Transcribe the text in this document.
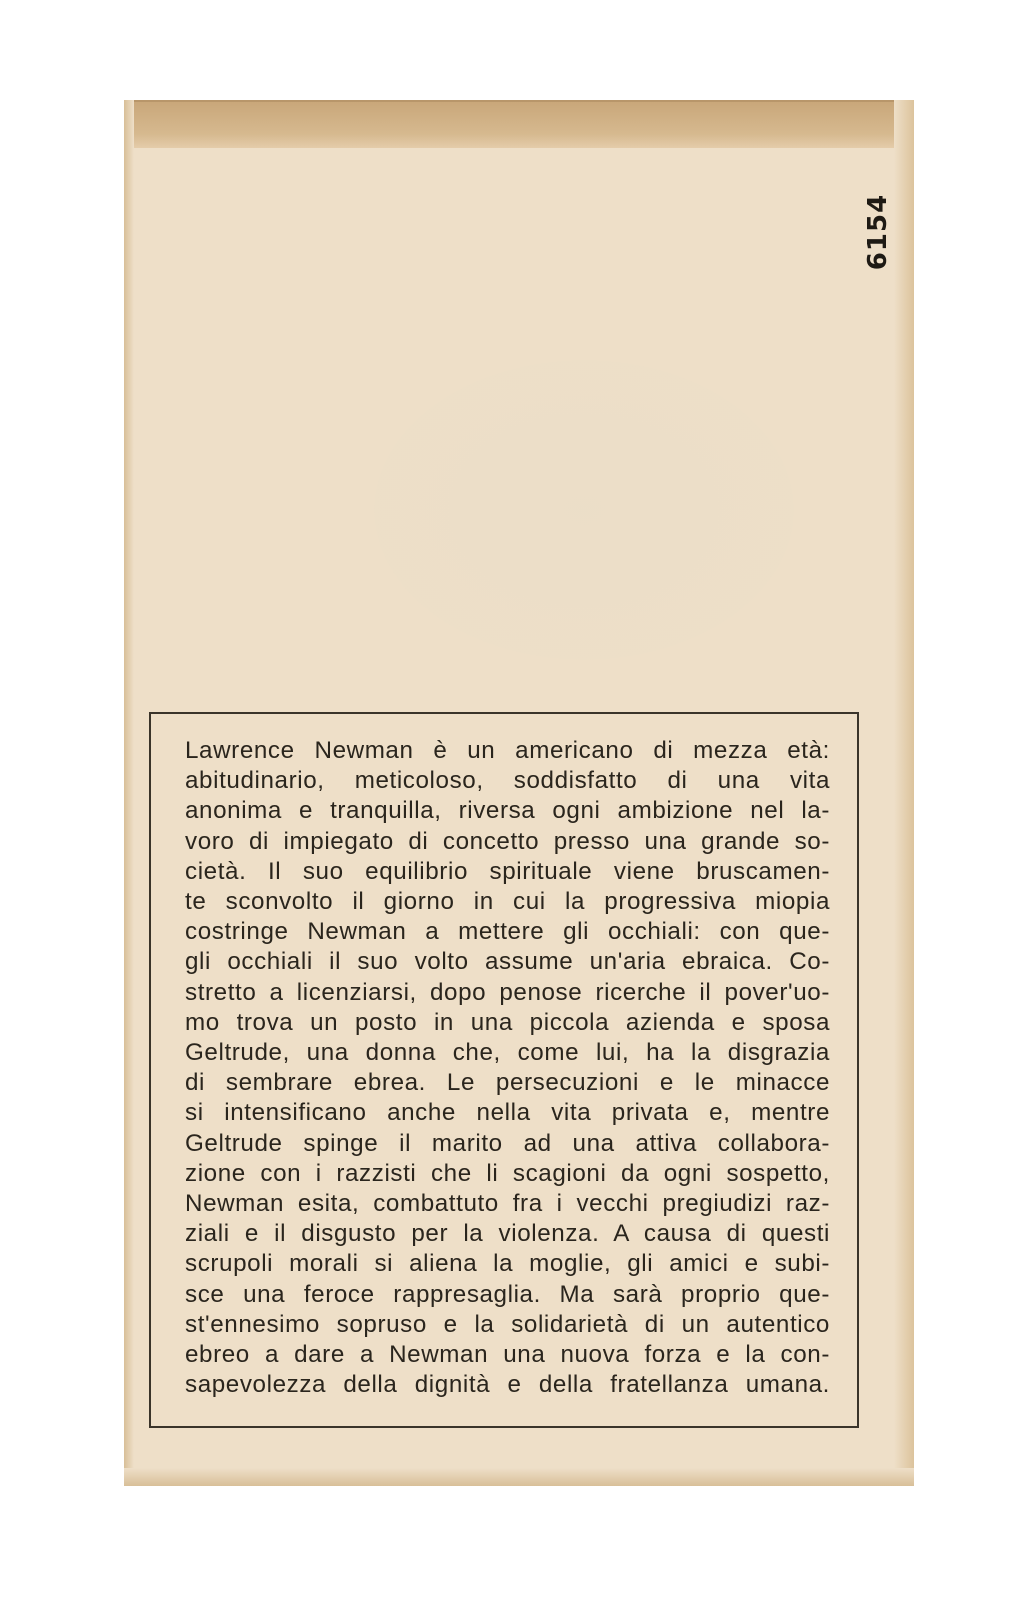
6154
Lawrence Newman è un americano di mezza età:
abitudinario, meticoloso, soddisfatto di una vita
anonima e tranquilla, riversa ogni ambizione nel la-
voro di impiegato di concetto presso una grande so-
cietà. Il suo equilibrio spirituale viene bruscamen-
te sconvolto il giorno in cui la progressiva miopia
costringe Newman a mettere gli occhiali: con que-
gli occhiali il suo volto assume un'aria ebraica. Co-
stretto a licenziarsi, dopo penose ricerche il pover'uo-
mo trova un posto in una piccola azienda e sposa
Geltrude, una donna che, come lui, ha la disgrazia
di sembrare ebrea. Le persecuzioni e le minacce
si intensificano anche nella vita privata e, mentre
Geltrude spinge il marito ad una attiva collabora-
zione con i razzisti che li scagioni da ogni sospetto,
Newman esita, combattuto fra i vecchi pregiudizi raz-
ziali e il disgusto per la violenza. A causa di questi
scrupoli morali si aliena la moglie, gli amici e subi-
sce una feroce rappresaglia. Ma sarà proprio que-
st'ennesimo sopruso e la solidarietà di un autentico
ebreo a dare a Newman una nuova forza e la con-
sapevolezza della dignità e della fratellanza umana.
